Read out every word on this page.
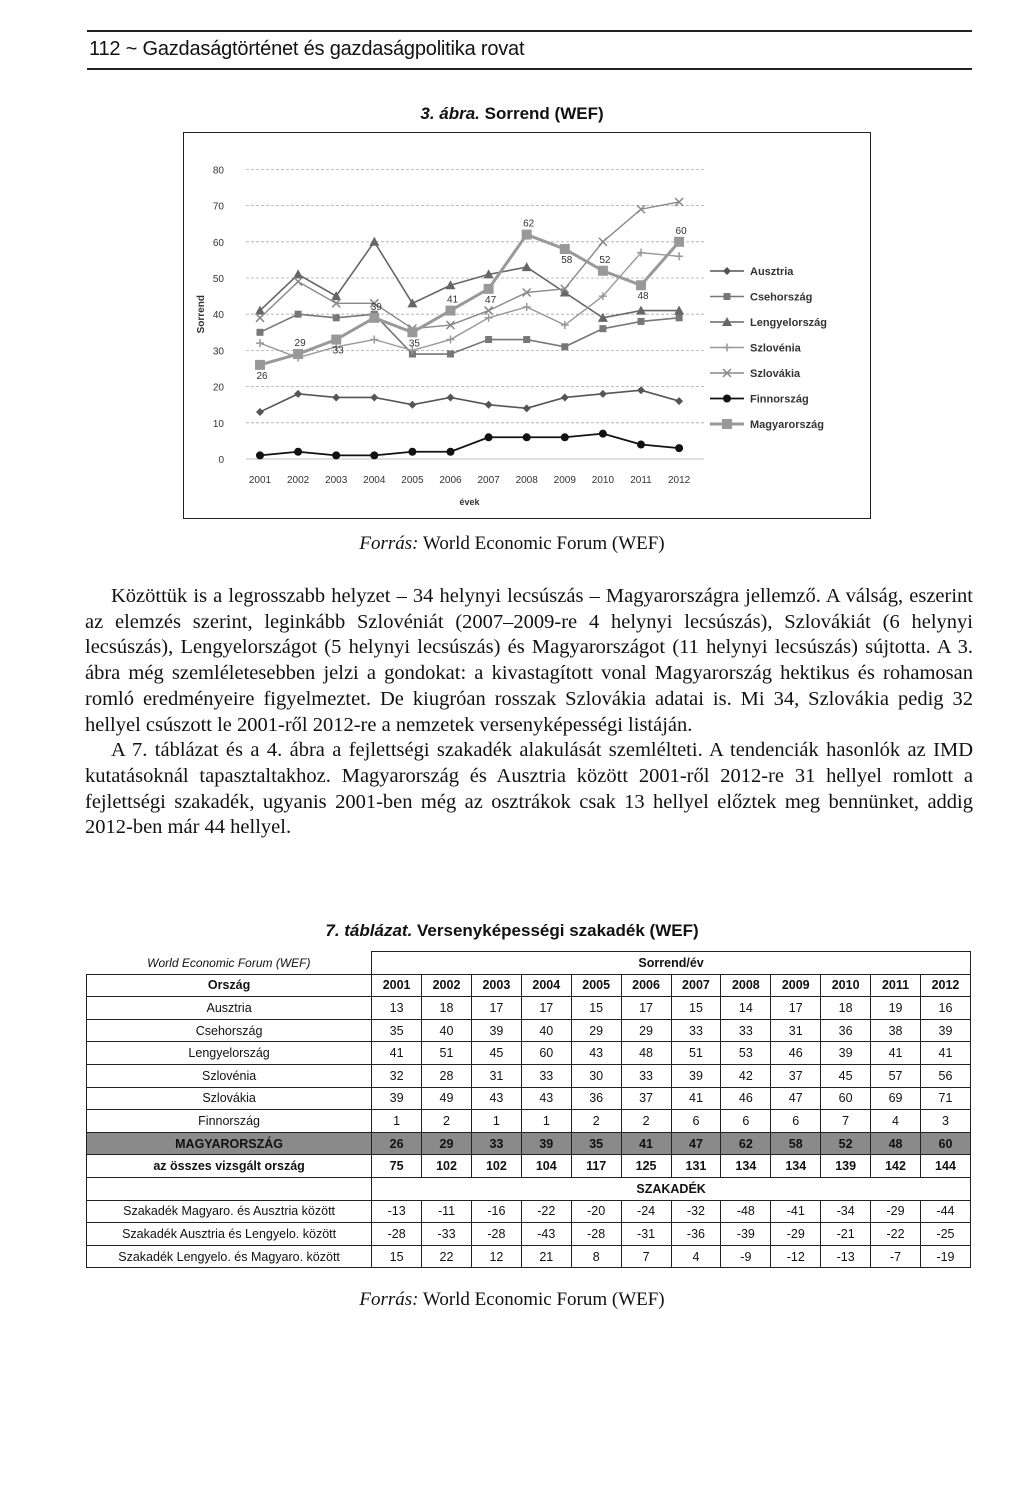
112 ~ Gazdaságtörténet és gazdaságpolitika rovat
3. ábra. Sorrend (WEF)
0
10
20
30
40
50
60
70
80
Sorrend
2001 2002 2003 2004 2005 2006 2007 2008 2009 2010 2011 2012
évek
26
29
33
39
35
41	47
62
58	52
48
60
Ausztria
Csehország
Lengyelország
Szlovénia
Szlovákia
Finnország
Magyarország
Forrás: World Economic Forum (WEF)

Közöttük is a legrosszabb helyzet – 34 helynyi lecsúszás – Magyarországra jellemző. A válság, eszerint az elemzés szerint, leginkább Szlovéniát (2007–2009-re 4 helynyi lecsúszás), Szlovákiát (6 helynyi lecsúszás), Lengyelországot (5 helynyi lecsúszás) és Magyarországot (11 helynyi lecsúszás) sújtotta. A 3. ábra még szemléletesebben jelzi a gondokat: a kivastagított vonal Magyarország hektikus és rohamosan romló eredményeire figyelmeztet. De kiugróan rosszak Szlovákia adatai is. Mi 34, Szlovákia pedig 32 hellyel csúszott le 2001-ről 2012-re a nemzetek versenyképességi listáján.

A 7. táblázat és a 4. ábra a fejlettségi szakadék alakulását szemlélteti. A tendenciák hasonlók az IMD kutatásoknál tapasztaltakhoz. Magyarország és Ausztria között 2001-ről 2012-re 31 hellyel romlott a fejlettségi szakadék, ugyanis 2001-ben még az osztrákok csak 13 hellyel előztek meg bennünket, addig 2012-ben már 44 hellyel.

7. táblázat. Versenyképességi szakadék (WEF)
World Economic Forum (WEF)	Sorrend/év											
Ország	2001	2002	2003	2004	2005	2006	2007	2008	2009	2010	2011	2012
Ausztria	13	18	17	17	15	17	15	14	17	18	19	16
Csehország	35	40	39	40	29	29	33	33	31	36	38	39
Lengyelország	41	51	45	60	43	48	51	53	46	39	41	41
Szlovénia	32	28	31	33	30	33	39	42	37	45	57	56
Szlovákia	39	49	43	43	36	37	41	46	47	60	69	71
Finnország	1	2	1	1	2	2	6	6	6	7	4	3
MAGYARORSZÁG	26	29	33	39	35	41	47	62	58	52	48	60
az összes vizsgált ország	75	102	102	104	117	125	131	134	134	139	142	144
	SZAKADÉK											
Szakadék Magyaro. és Ausztria között	-13	-11	-16	-22	-20	-24	-32	-48	-41	-34	-29	-44
Szakadék Ausztria és Lengyelo. között	-28	-33	-28	-43	-28	-31	-36	-39	-29	-21	-22	-25
Szakadék Lengyelo. és Magyaro. között	15	22	12	21	8	7	4	-9	-12	-13	-7	-19
Forrás: World Economic Forum (WEF)
